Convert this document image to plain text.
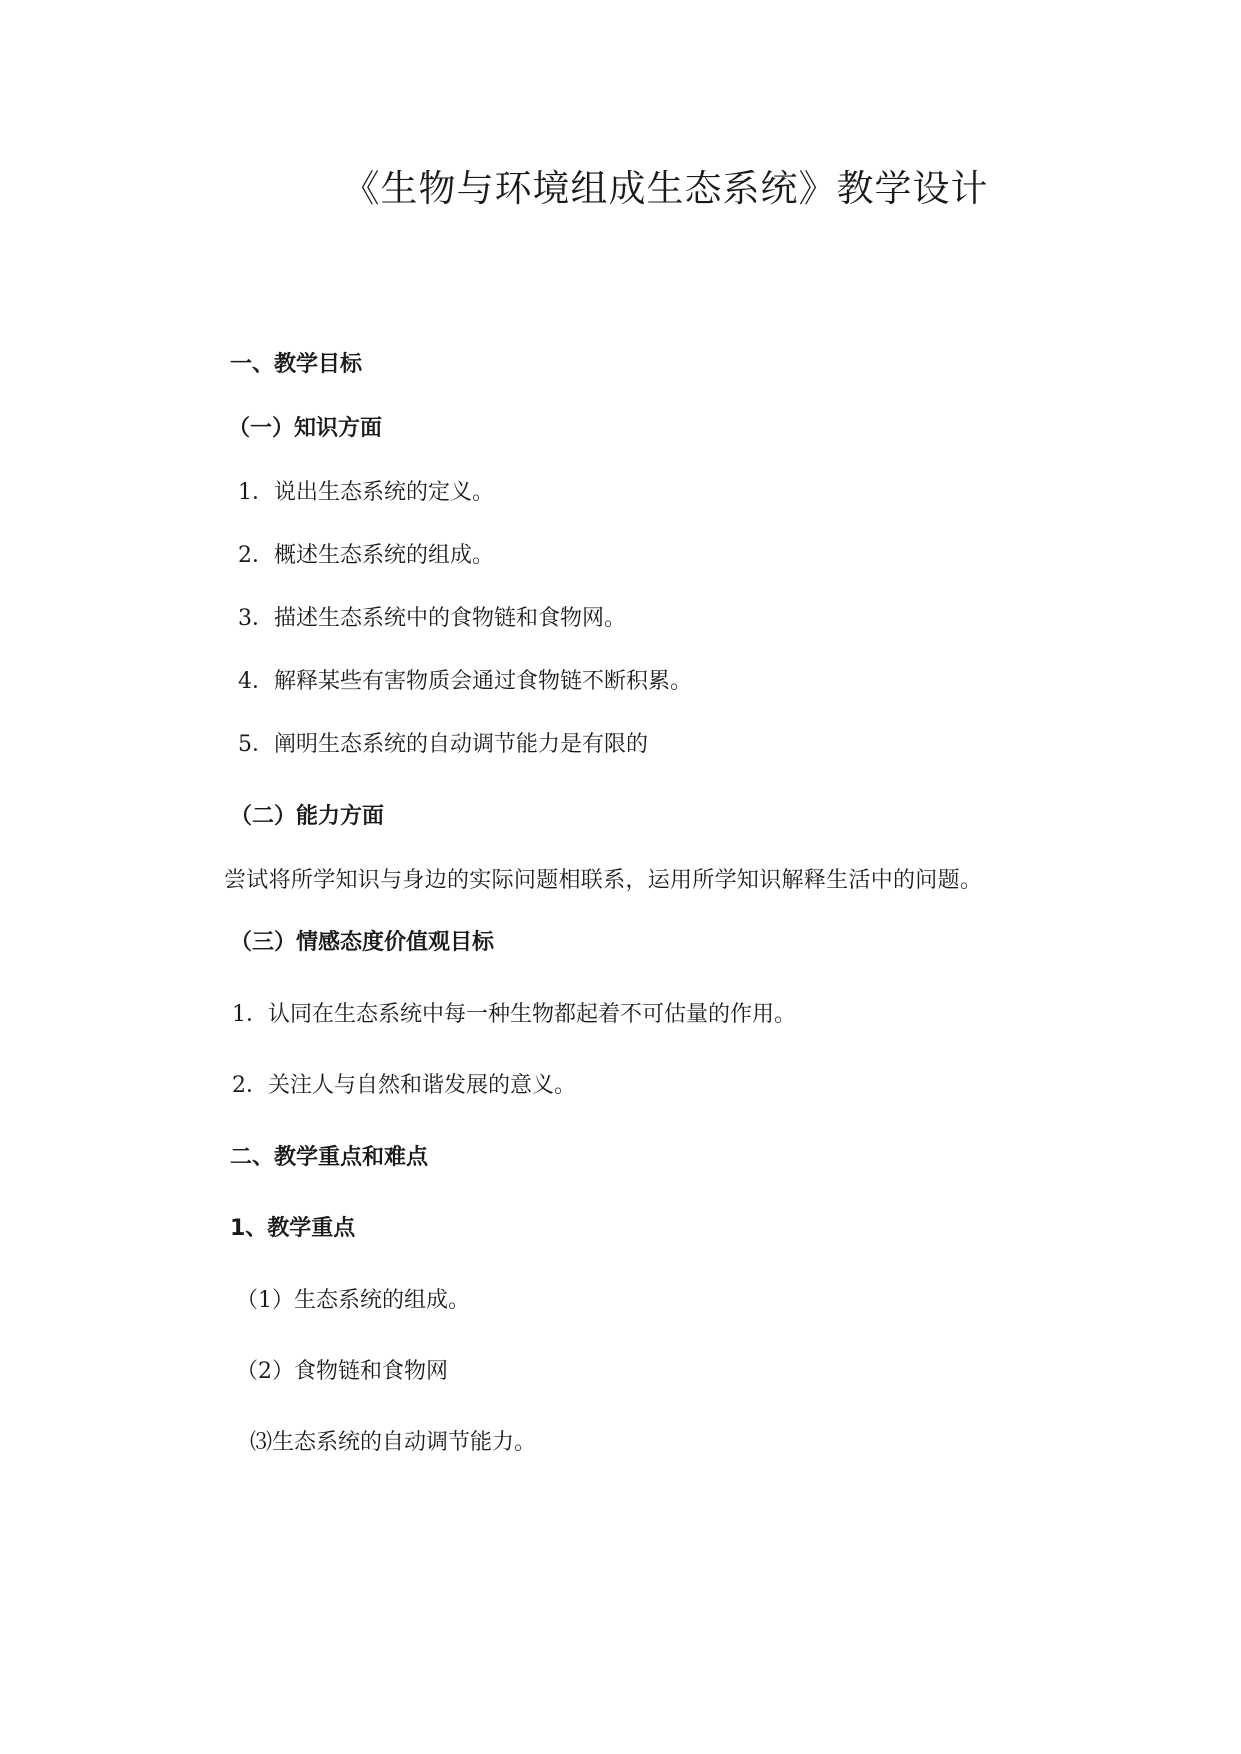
《生物与环境组成生态系统》教学设计
一、教学目标
（一）知识方面
1．说出生态系统的定义。
2．概述生态系统的组成。
3．描述生态系统中的食物链和食物网。
4．解释某些有害物质会通过食物链不断积累。
5．阐明生态系统的自动调节能力是有限的
（二）能力方面
尝试将所学知识与身边的实际问题相联系，运用所学知识解释生活中的问题。
（三）情感态度价值观目标
1．认同在生态系统中每一种生物都起着不可估量的作用。
2．关注人与自然和谐发展的意义。
二、教学重点和难点
1、教学重点
（1）生态系统的组成。
（2）食物链和食物网
⑶生态系统的自动调节能力。
